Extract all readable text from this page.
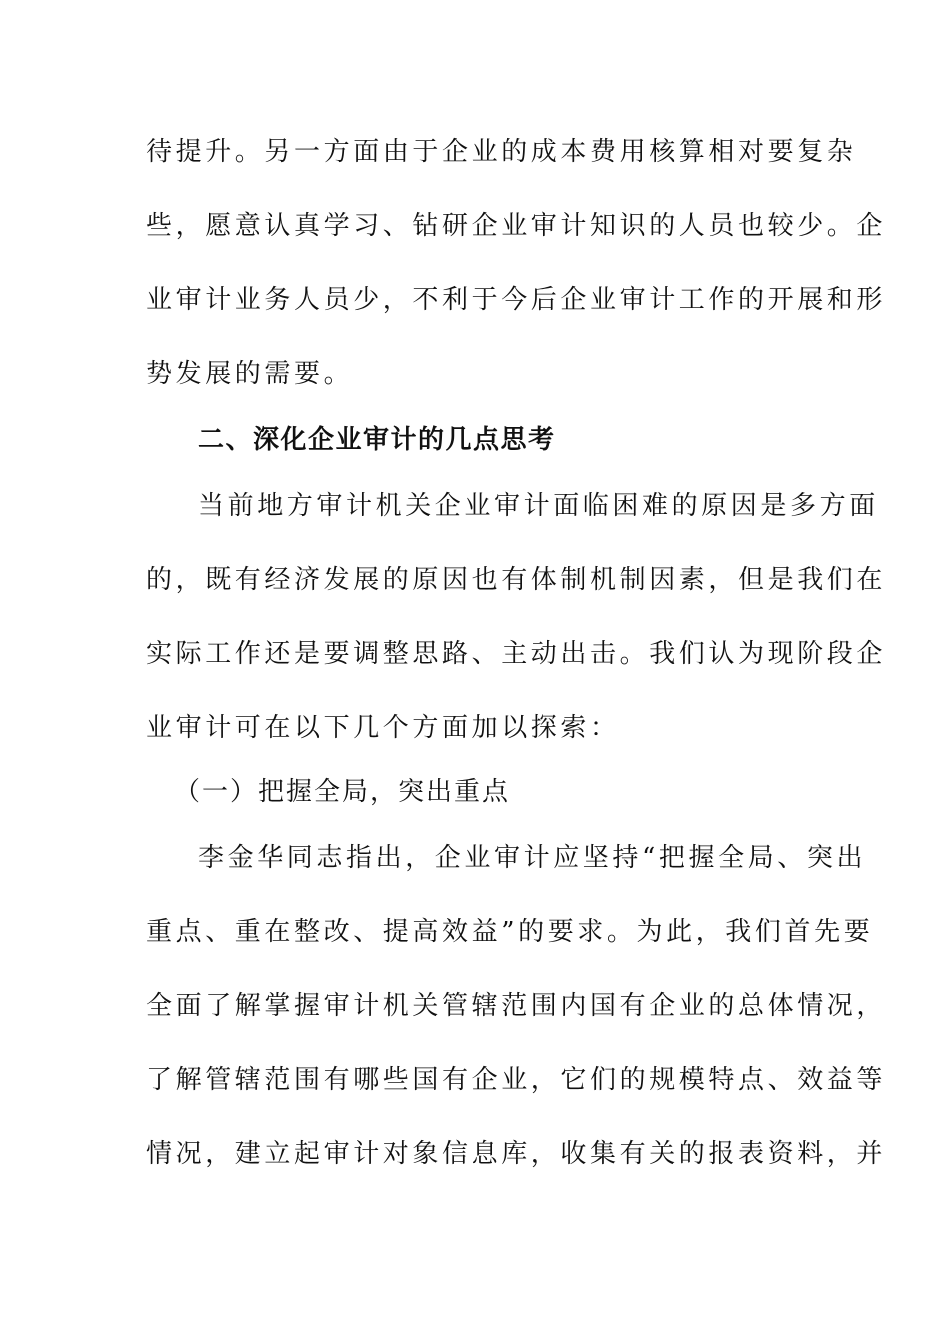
待提升。另一方面由于企业的成本费用核算相对要复杂
些，愿意认真学习、钻研企业审计知识的人员也较少。企
业审计业务人员少，不利于今后企业审计工作的开展和形
势发展的需要。
二、深化企业审计的几点思考
当前地方审计机关企业审计面临困难的原因是多方面
的，既有经济发展的原因也有体制机制因素，但是我们在
实际工作还是要调整思路、主动出击。我们认为现阶段企
业审计可在以下几个方面加以探索：
（一）把握全局，突出重点
李金华同志指出，企业审计应坚持“把握全局、突出
重点、重在整改、提高效益”的要求。为此，我们首先要
全面了解掌握审计机关管辖范围内国有企业的总体情况，
了解管辖范围有哪些国有企业，它们的规模特点、效益等
情况，建立起审计对象信息库，收集有关的报表资料，并
